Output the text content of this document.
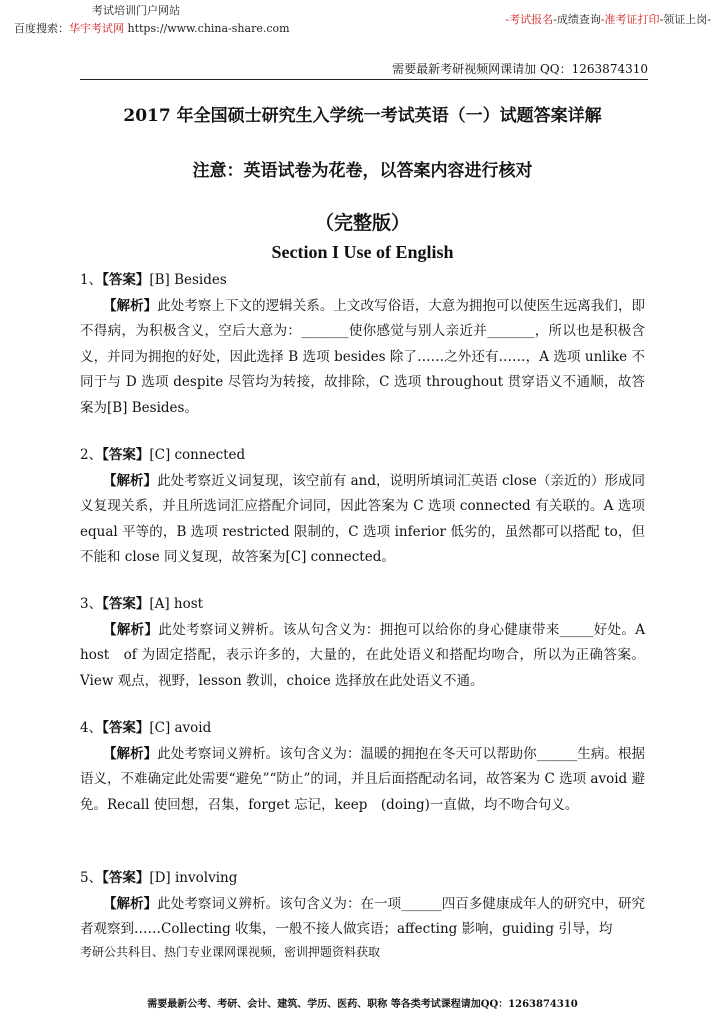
考试培训门户网站
百度搜索：华宇考试网 https://www.china-share.com
-考试报名-成绩查询-准考证打印-领证上岗-
需要最新考研视频网课请加 QQ：1263874310
2017 年全国硕士研究生入学统一考试英语（一）试题答案详解
注意：英语试卷为花卷，以答案内容进行核对
（完整版）
Section I Use of English

1、【答案】[B] Besides

【解析】此处考察上下文的逻辑关系。上文改写俗语，大意为拥抱可以使医生远离我们，即不得病，为积极含义，空后大意为：_______使你感觉与别人亲近并_______，所以也是积极含义，并同为拥抱的好处，因此选择 B 选项 besides 除了……之外还有……，A 选项 unlike 不同于与 D 选项 despite 尽管均为转接，故排除，C 选项 throughout 贯穿语义不通顺，故答案为[B] Besides。

2、【答案】[C] connected

【解析】此处考察近义词复现，该空前有 and，说明所填词汇英语 close（亲近的）形成同义复现关系，并且所选词汇应搭配介词同，因此答案为 C 选项 connected 有关联的。A 选项 equal 平等的，B 选项 restricted 限制的，C 选项 inferior 低劣的，虽然都可以搭配 to，但不能和 close 同义复现，故答案为[C] connected。

3、【答案】[A] host

【解析】此处考察词义辨析。该从句含义为：拥抱可以给你的身心健康带来_____好处。A　host　of 为固定搭配，表示许多的，大量的，在此处语义和搭配均吻合，所以为正确答案。View 观点，视野，lesson 教训，choice 选择放在此处语义不通。

4、【答案】[C] avoid

【解析】此处考察词义辨析。该句含义为：温暖的拥抱在冬天可以帮助你______生病。根据语义，不难确定此处需要“避免”“防止”的词，并且后面搭配动名词，故答案为 C 选项 avoid 避免。Recall 使回想，召集，forget 忘记，keep　(doing)一直做，均不吻合句义。

5、【答案】[D] involving

【解析】此处考察词义辨析。该句含义为：在一项______四百多健康成年人的研究中，研究者观察到……Collecting 收集，一般不接人做宾语；affecting 影响，guiding 引导，均

考研公共科目、热门专业课网课视频，密训押题资料获取
需要最新公考、考研、会计、建筑、学历、医药、职称 等各类考试课程请加QQ：1263874310
